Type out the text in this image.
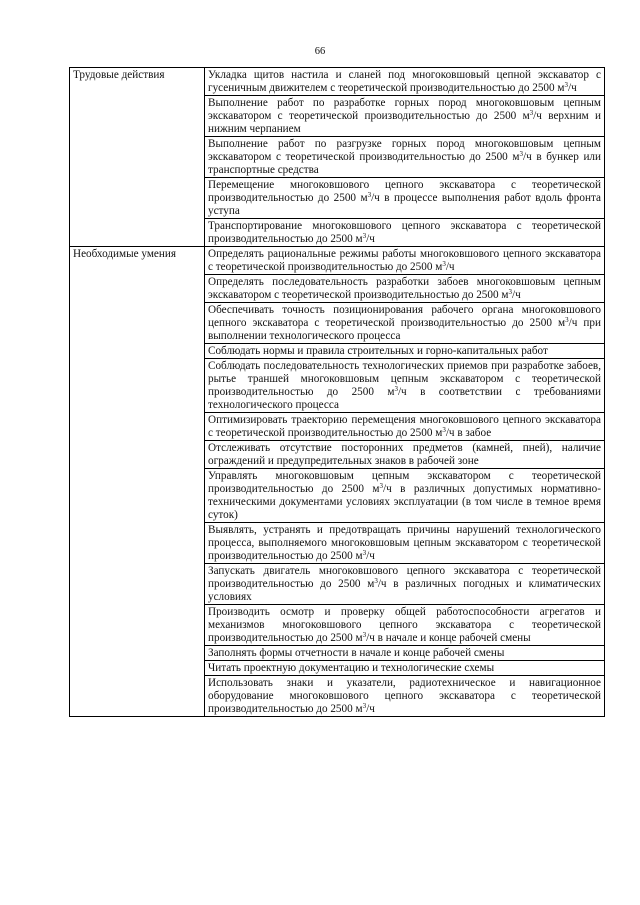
66
Трудовые действия	Укладка щитов настила и сланей под многоковшовый цепной экскаватор с гусеничным движителем с теоретической производительностью до 2500 $м^3/ч$
	Выполнение работ по разработке горных пород многоковшовым цепным экскаватором с теоретической производительностью до 2500 $м^3/ч$ верхним и нижним черпанием
	Выполнение работ по разгрузке горных пород многоковшовым цепным экскаватором с теоретической производительностью до 2500 $м^3/ч$ в бункер или транспортные средства
	Перемещение многоковшового цепного экскаватора с теоретической производительностью до 2500 $м^3/ч$ в процессе выполнения работ вдоль фронта уступа
	Транспортирование многоковшового цепного экскаватора с теоретической производительностью до 2500 $м^3/ч$
Необходимые умения	Определять рациональные режимы работы многоковшового цепного экскаватора с теоретической производительностью до 2500 $м^3/ч$
	Определять последовательность разработки забоев многоковшовым цепным экскаватором с теоретической производительностью до 2500 $м^3/ч$
	Обеспечивать точность позиционирования рабочего органа многоковшового цепного экскаватора с теоретической производительностью до 2500 $м^3/ч$ при выполнении технологического процесса
	Соблюдать нормы и правила строительных и горно-капитальных работ
	Соблюдать последовательность технологических приемов при разработке забоев, рытье траншей многоковшовым цепным экскаватором с теоретической производительностью до 2500 $м^3/ч$ в соответствии с требованиями технологического процесса
	Оптимизировать траекторию перемещения многоковшового цепного экскаватора с теоретической производительностью до 2500 $м^3/ч$ в забое
	Отслеживать отсутствие посторонних предметов (камней, пней), наличие ограждений и предупредительных знаков в рабочей зоне
	Управлять многоковшовым цепным экскаватором с теоретической производительностью до 2500 $м^3/ч$ в различных допустимых нормативно-техническими документами условиях эксплуатации (в том числе в темное время суток)
	Выявлять, устранять и предотвращать причины нарушений технологического процесса, выполняемого многоковшовым цепным экскаватором с теоретической производительностью до 2500 $м^3/ч$
	Запускать двигатель многоковшового цепного экскаватора с теоретической производительностью до 2500 $м^3/ч$ в различных погодных и климатических условиях
	Производить осмотр и проверку общей работоспособности агрегатов и механизмов многоковшового цепного экскаватора с теоретической производительностью до 2500 $м^3/ч$ в начале и конце рабочей смены
	Заполнять формы отчетности в начале и конце рабочей смены
	Читать проектную документацию и технологические схемы
	Использовать знаки и указатели, радиотехническое и навигационное оборудование многоковшового цепного экскаватора с теоретической производительностью до 2500 $м^3/ч$
